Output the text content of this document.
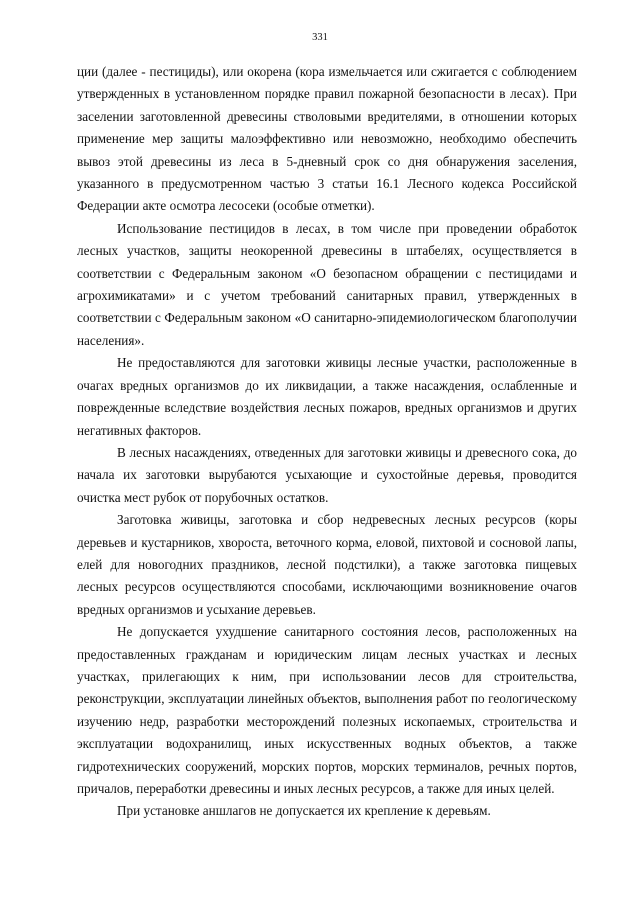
331

ции (далее - пестициды), или окорена (кора измельчается или сжигается с соблюдением утвержденных в установленном порядке правил пожарной безопасности в лесах). При заселении заготовленной древесины стволовыми вредителями, в отношении которых применение мер защиты малоэффективно или невозможно, необходимо обеспечить вывоз этой древесины из леса в 5-дневный срок со дня обнаружения заселения, указанного в предусмотренном частью 3 статьи 16.1 Лесного кодекса Российской Федерации акте осмотра лесосеки (особые отметки).

Использование пестицидов в лесах, в том числе при проведении обработок лесных участков, защиты неокоренной древесины в штабелях, осуществляется в соответствии с Федеральным законом «О безопасном обращении с пестицидами и агрохимикатами» и с учетом требований санитарных правил, утвержденных в соответствии с Федеральным законом «О санитарно-эпидемиологическом благополучии населения».

Не предоставляются для заготовки живицы лесные участки, расположенные в очагах вредных организмов до их ликвидации, а также насаждения, ослабленные и поврежденные вследствие воздействия лесных пожаров, вредных организмов и других негативных факторов.

В лесных насаждениях, отведенных для заготовки живицы и древесного сока, до начала их заготовки вырубаются усыхающие и сухостойные деревья, проводится очистка мест рубок от порубочных остатков.

Заготовка живицы, заготовка и сбор недревесных лесных ресурсов (коры деревьев и кустарников, хвороста, веточного корма, еловой, пихтовой и сосновой лапы, елей для новогодних праздников, лесной подстилки), а также заготовка пищевых лесных ресурсов осуществляются способами, исключающими возникновение очагов вредных организмов и усыхание деревьев.

Не допускается ухудшение санитарного состояния лесов, расположенных на предоставленных гражданам и юридическим лицам лесных участках и лесных участках, прилегающих к ним, при использовании лесов для строительства, реконструкции, эксплуатации линейных объектов, выполнения работ по геологическому изучению недр, разработки месторождений полезных ископаемых, строительства и эксплуатации водохранилищ, иных искусственных водных объектов, а также гидротехнических сооружений, морских портов, морских терминалов, речных портов, причалов, переработки древесины и иных лесных ресурсов, а также для иных целей.

При установке аншлагов не допускается их крепление к деревьям.
